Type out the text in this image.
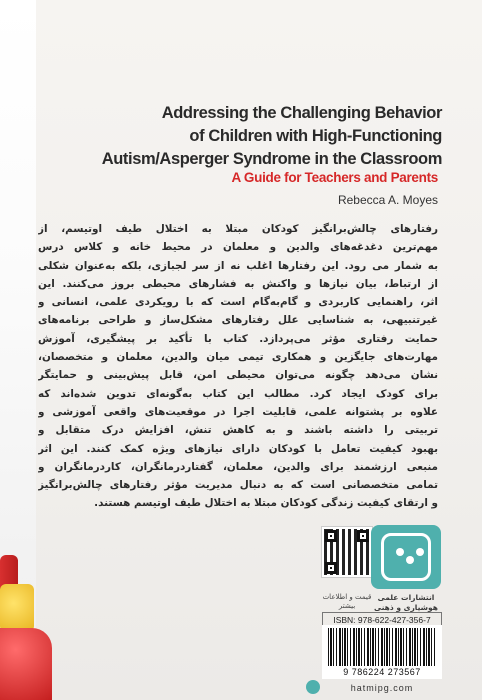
Addressing the Challenging Behavior
of Children with High-Functioning
Autism/Asperger Syndrome in the Classroom
A Guide for Teachers and Parents
Rebecca A. Moyes
رفتارهای چالش‌برانگیز کودکان مبتلا به اختلال طیف اوتیسم، از
مهم‌ترین دغدغه‌های والدین و معلمان در محیط خانه و کلاس درس
به شمار می رود. این رفتارها اغلب نه از سر لجبازی، بلکه به‌عنوان شکلی
از ارتباط، بیان نیازها و واکنش به فشارهای محیطی بروز می‌کنند. این
اثر، راهنمایی کاربردی و گام‌به‌گام است که با رویکردی علمی، انسانی و
غیرتنبیهی، به شناسایی علل رفتارهای مشکل‌ساز و طراحی برنامه‌های
حمایت رفتاری مؤثر می‌پردازد. کتاب با تأکید بر پیشگیری، آموزش
مهارت‌های جایگزین و همکاری تیمی میان والدین، معلمان و متخصصان،
نشان می‌دهد چگونه می‌توان محیطی امن، قابل پیش‌بینی و حمایتگر
برای کودک ایجاد کرد. مطالب این کتاب به‌گونه‌ای تدوین شده‌اند که
علاوه بر پشتوانه علمی، قابلیت اجرا در موقعیت‌های واقعی آموزشی و
تربیتی را داشته باشند و به کاهش تنش، افزایش درک متقابل و
بهبود کیفیت تعامل با کودکان دارای نیازهای ویژه کمک کنند. این اثر
منبعی ارزشمند برای والدین، معلمان، گفتاردرمانگران، کاردرمانگران و
تمامی متخصصانی است که به دنبال مدیریت مؤثر رفتارهای چالش‌برانگیز
و ارتقای کیفیت زندگی کودکان مبتلا به اختلال طیف اوتیسم هستند.
قیمت و اطلاعات بیشتر
انتشارات علمی
هوشیاری و ذهنی
ISBN: 978-622-427-356-7
9 786224 273567
hatmipg.com
